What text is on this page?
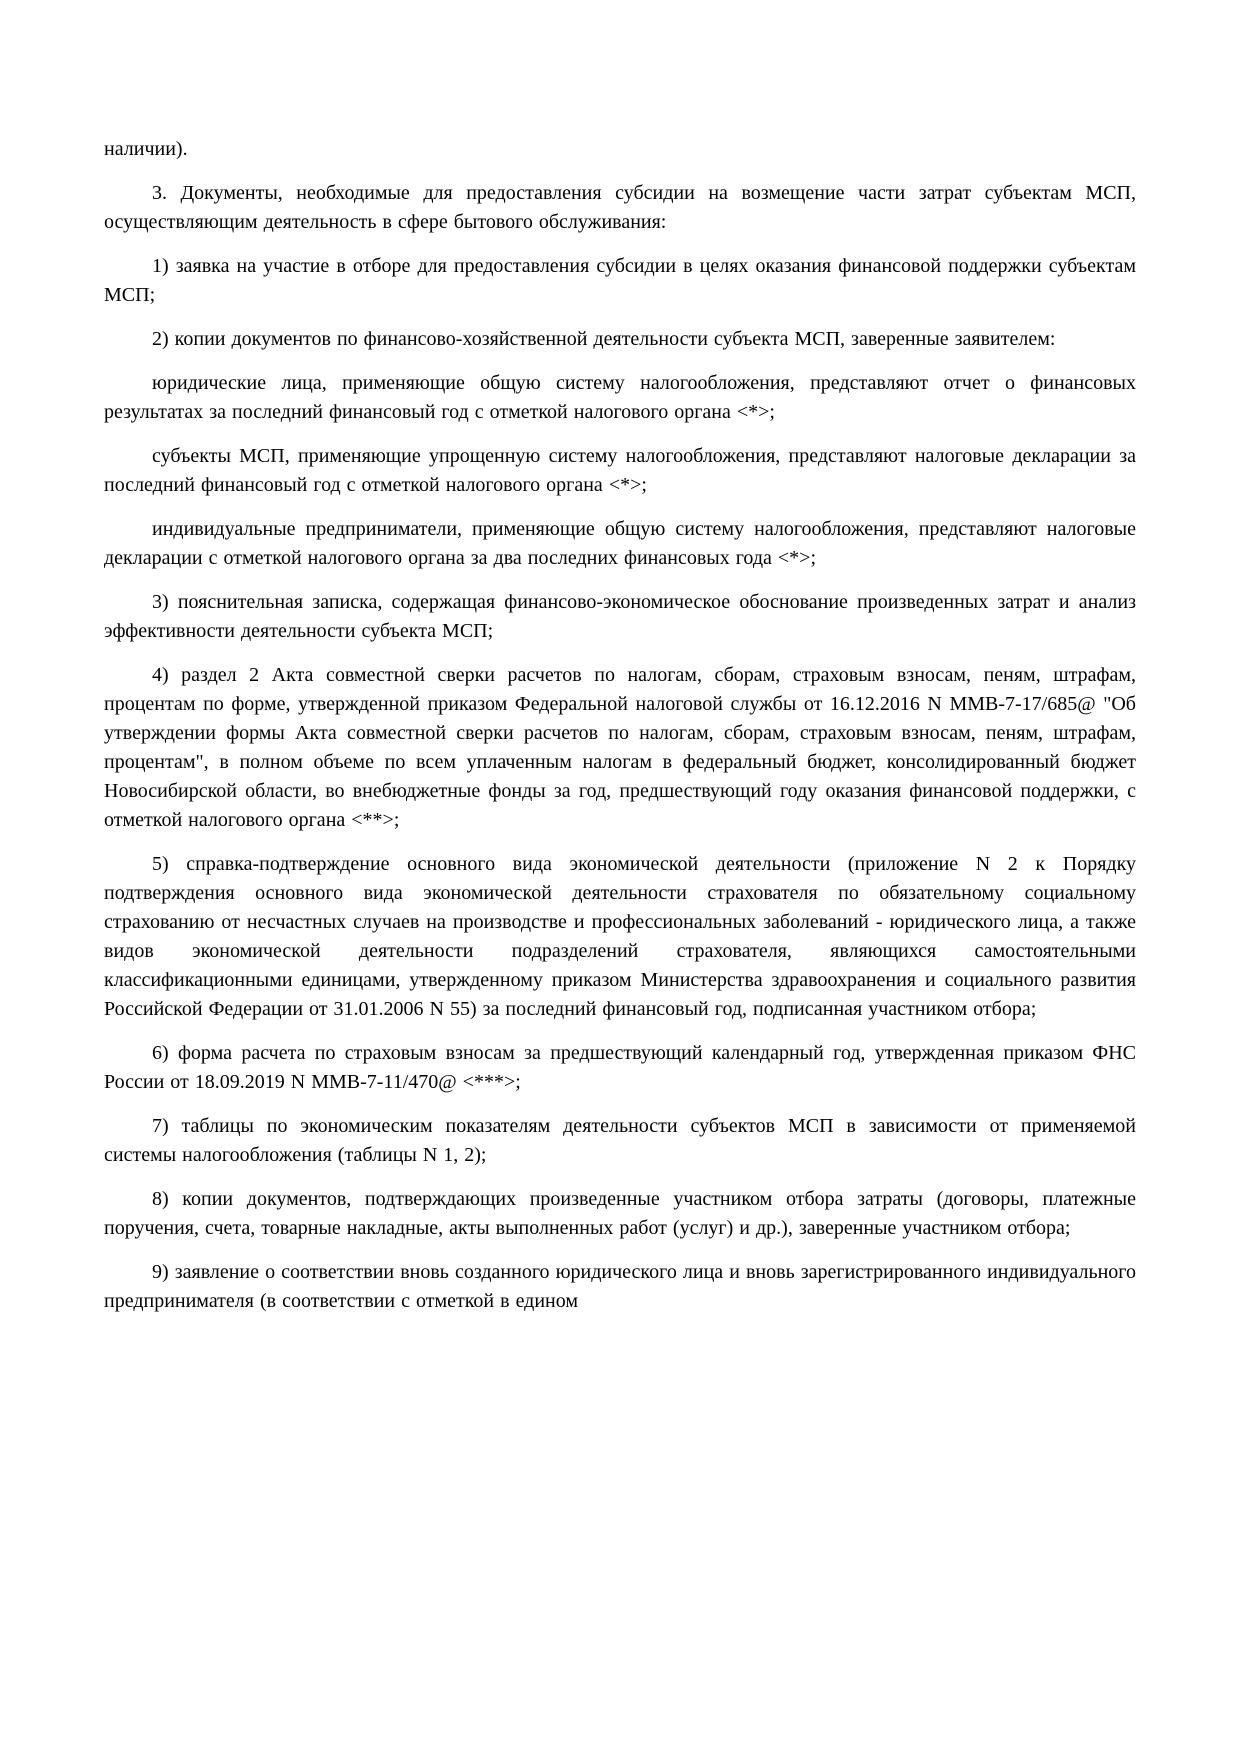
наличии).

3. Документы, необходимые для предоставления субсидии на возмещение части затрат субъектам МСП, осуществляющим деятельность в сфере бытового обслуживания:

1) заявка на участие в отборе для предоставления субсидии в целях оказания финансовой поддержки субъектам МСП;

2) копии документов по финансово-хозяйственной деятельности субъекта МСП, заверенные заявителем:

юридические лица, применяющие общую систему налогообложения, представляют отчет о финансовых результатах за последний финансовый год с отметкой налогового органа <*>;

субъекты МСП, применяющие упрощенную систему налогообложения, представляют налоговые декларации за последний финансовый год с отметкой налогового органа <*>;

индивидуальные предприниматели, применяющие общую систему налогообложения, представляют налоговые декларации с отметкой налогового органа за два последних финансовых года <*>;

3) пояснительная записка, содержащая финансово-экономическое обоснование произведенных затрат и анализ эффективности деятельности субъекта МСП;

4) раздел 2 Акта совместной сверки расчетов по налогам, сборам, страховым взносам, пеням, штрафам, процентам по форме, утвержденной приказом Федеральной налоговой службы от 16.12.2016 N ММВ-7-17/685@ "Об утверждении формы Акта совместной сверки расчетов по налогам, сборам, страховым взносам, пеням, штрафам, процентам", в полном объеме по всем уплаченным налогам в федеральный бюджет, консолидированный бюджет Новосибирской области, во внебюджетные фонды за год, предшествующий году оказания финансовой поддержки, с отметкой налогового органа <**>;

5) справка-подтверждение основного вида экономической деятельности (приложение N 2 к Порядку подтверждения основного вида экономической деятельности страхователя по обязательному социальному страхованию от несчастных случаев на производстве и профессиональных заболеваний - юридического лица, а также видов экономической деятельности подразделений страхователя, являющихся самостоятельными классификационными единицами, утвержденному приказом Министерства здравоохранения и социального развития Российской Федерации от 31.01.2006 N 55) за последний финансовый год, подписанная участником отбора;

6) форма расчета по страховым взносам за предшествующий календарный год, утвержденная приказом ФНС России от 18.09.2019 N ММВ-7-11/470@ <***>;

7) таблицы по экономическим показателям деятельности субъектов МСП в зависимости от применяемой системы налогообложения (таблицы N 1, 2);

8) копии документов, подтверждающих произведенные участником отбора затраты (договоры, платежные поручения, счета, товарные накладные, акты выполненных работ (услуг) и др.), заверенные участником отбора;

9) заявление о соответствии вновь созданного юридического лица и вновь зарегистрированного индивидуального предпринимателя (в соответствии с отметкой в едином
